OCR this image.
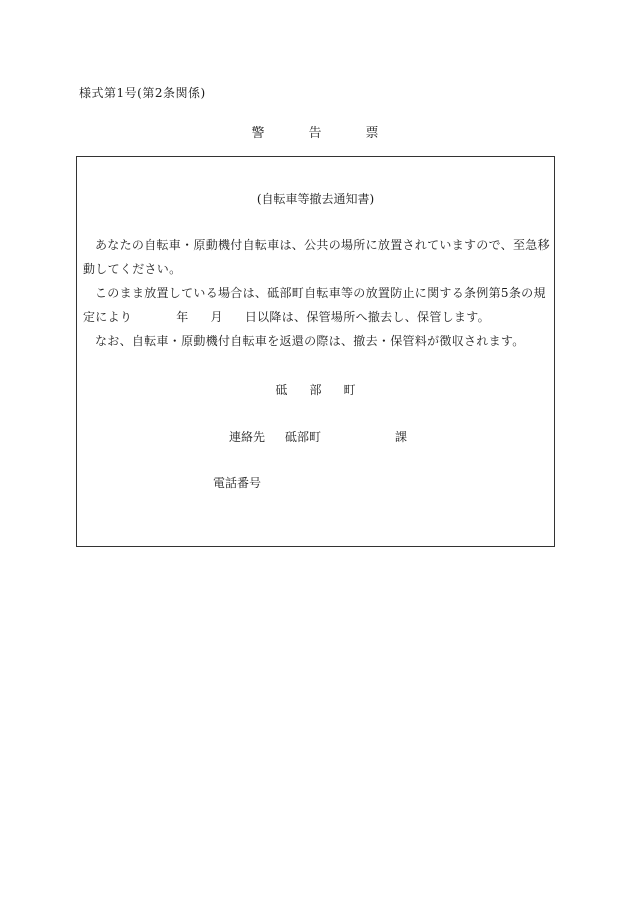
様式第1号(第2条関係)
警告票
(自転車等撤去通知書)

あなたの自転車・原動機付自転車は、公共の場所に放置されていますので、至急移動してください。

このまま放置している場合は、砥部町自転車等の放置防止に関する条例第5条の規定により	年 月 日以降は、保管場所へ撤去し、保管します。

なお、自転車・原動機付自転車を返還の際は、撤去・保管料が徴収されます。

砥部町
連絡先 砥部町	課
電話番号
